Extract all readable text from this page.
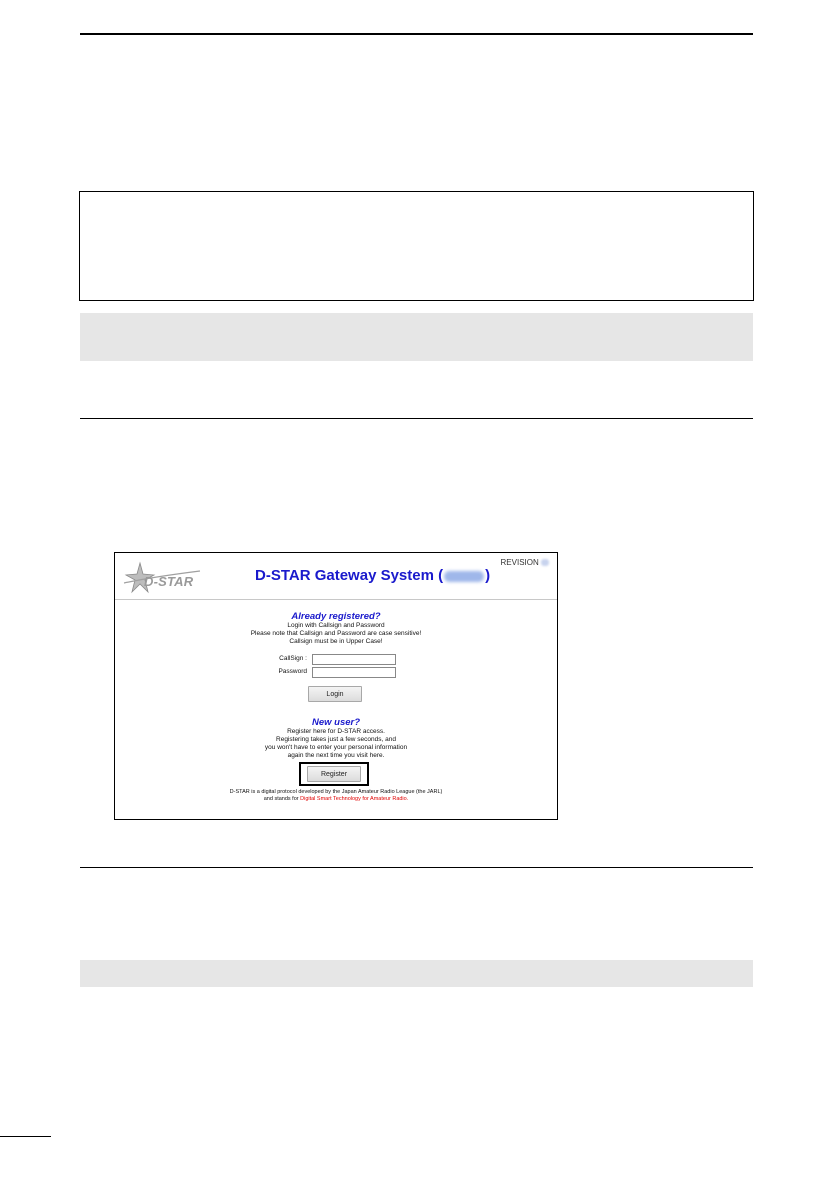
D-STAR	D-STAR Gateway System (	)
REVISION
Already registered?
Login with Callsign and Password
Please note that Callsign and Password are case sensitive!
Callsign must be in Upper Case!
CallSign :
Password
Login
New user?
Register here for D-STAR access.
Registering takes just a few seconds, and
you won't have to enter your personal information
again the next time you visit here.
Register
D-STAR is a digital protocol developed by the Japan Amateur Radio League (the JARL)
and stands for Digital Smart Technology for Amateur Radio.
